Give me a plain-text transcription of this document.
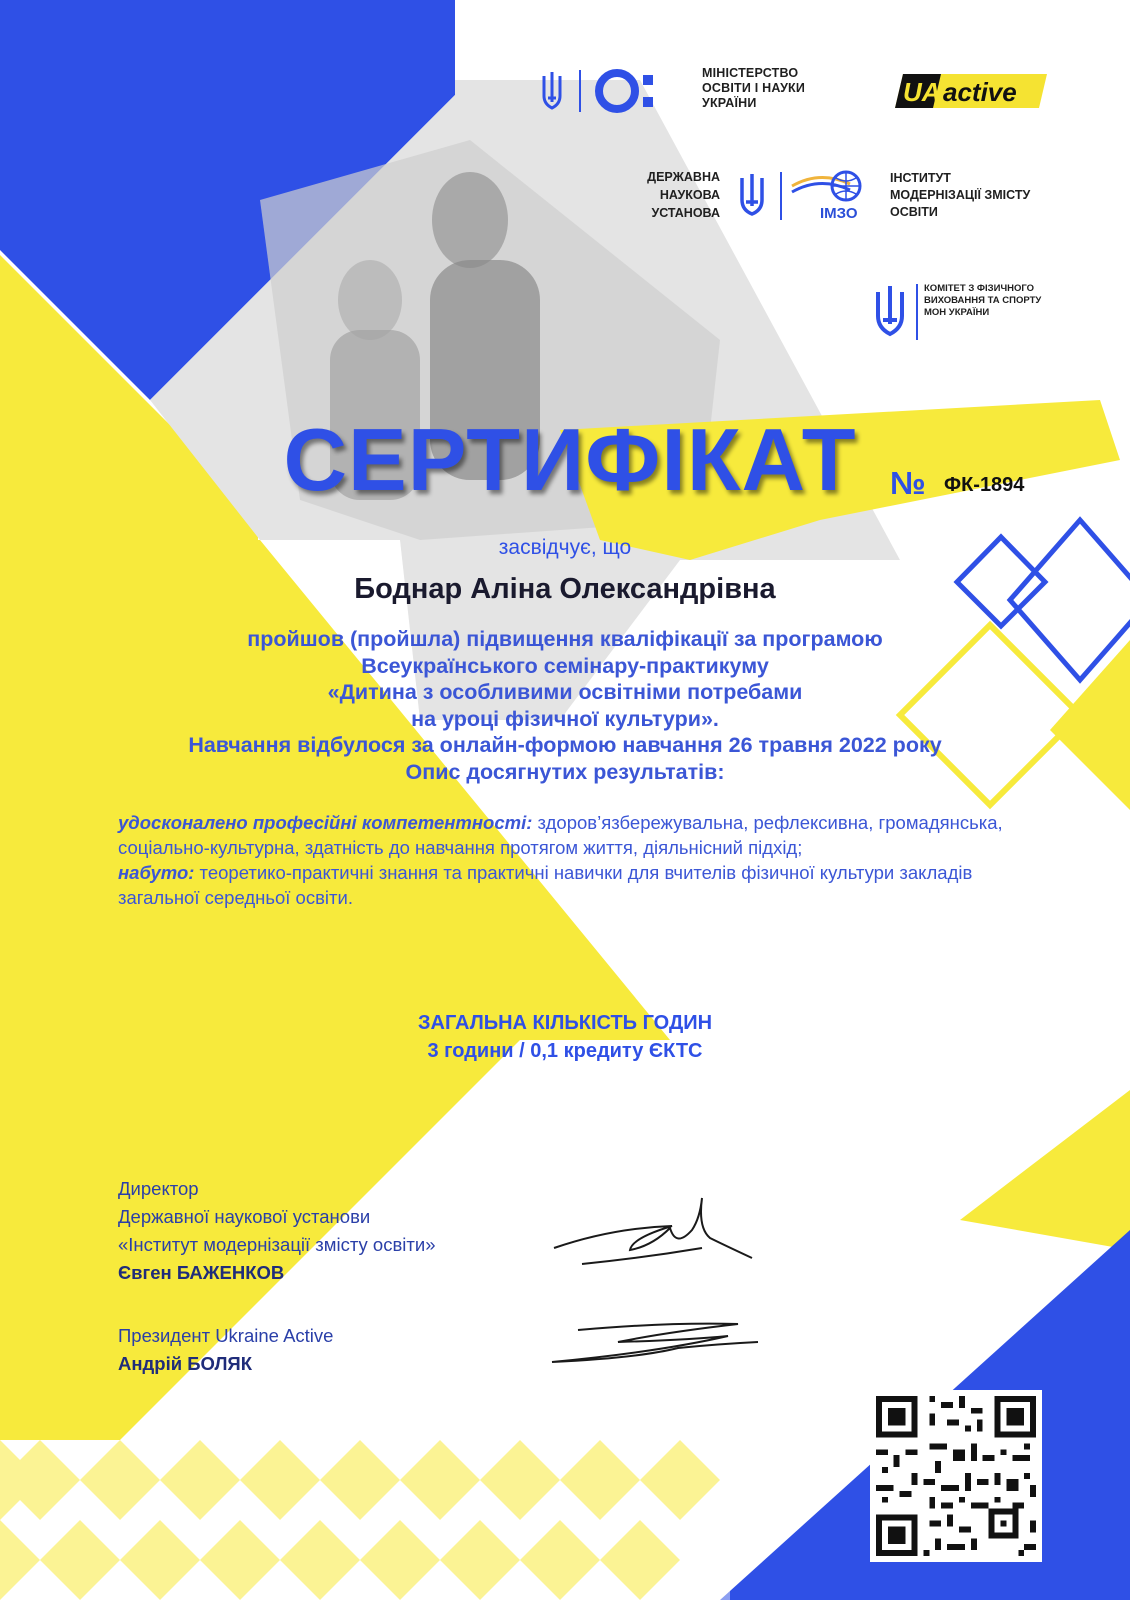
МІНІСТЕРСТВО
ОСВІТИ І НАУКИ
УКРАЇНИ	UA active
ДЕРЖАВНА
НАУКОВА
УСТАНОВА	ІМЗО
ІНСТИТУТ
МОДЕРНІЗАЦІЇ ЗМІСТУ
ОСВІТИ
КОМІТЕТ З ФІЗИЧНОГО
ВИХОВАННЯ ТА СПОРТУ
МОН УКРАЇНИ
СЕРТИФІКАТ	№ ФК-1894
засвідчує, що
Боднар Аліна Олександрівна
пройшов (пройшла) підвищення кваліфікації за програмою
Всеукраїнського семінару-практикуму
«Дитина з особливими освітніми потребами
на уроці фізичної культури».
Навчання відбулося за онлайн-формою навчання 26 травня 2022 року
Опис досягнутих результатів:
удосконалено професійні компетентності: здоров’язбережувальна, рефлексивна, громадянська, соціально-культурна, здатність до навчання протягом життя, діяльнісний підхід;
набуто: теоретико-практичні знання та практичні навички для вчителів фізичної культури закладів загальної середньої освіти.
ЗАГАЛЬНА КІЛЬКІСТЬ ГОДИН
3 години / 0,1 кредиту ЄКТС
Директор
Державної наукової установи
«Інститут модернізації змісту освіти»
Євген БАЖЕНКОВ
Президент Ukraine Active
Андрій БОЛЯК
